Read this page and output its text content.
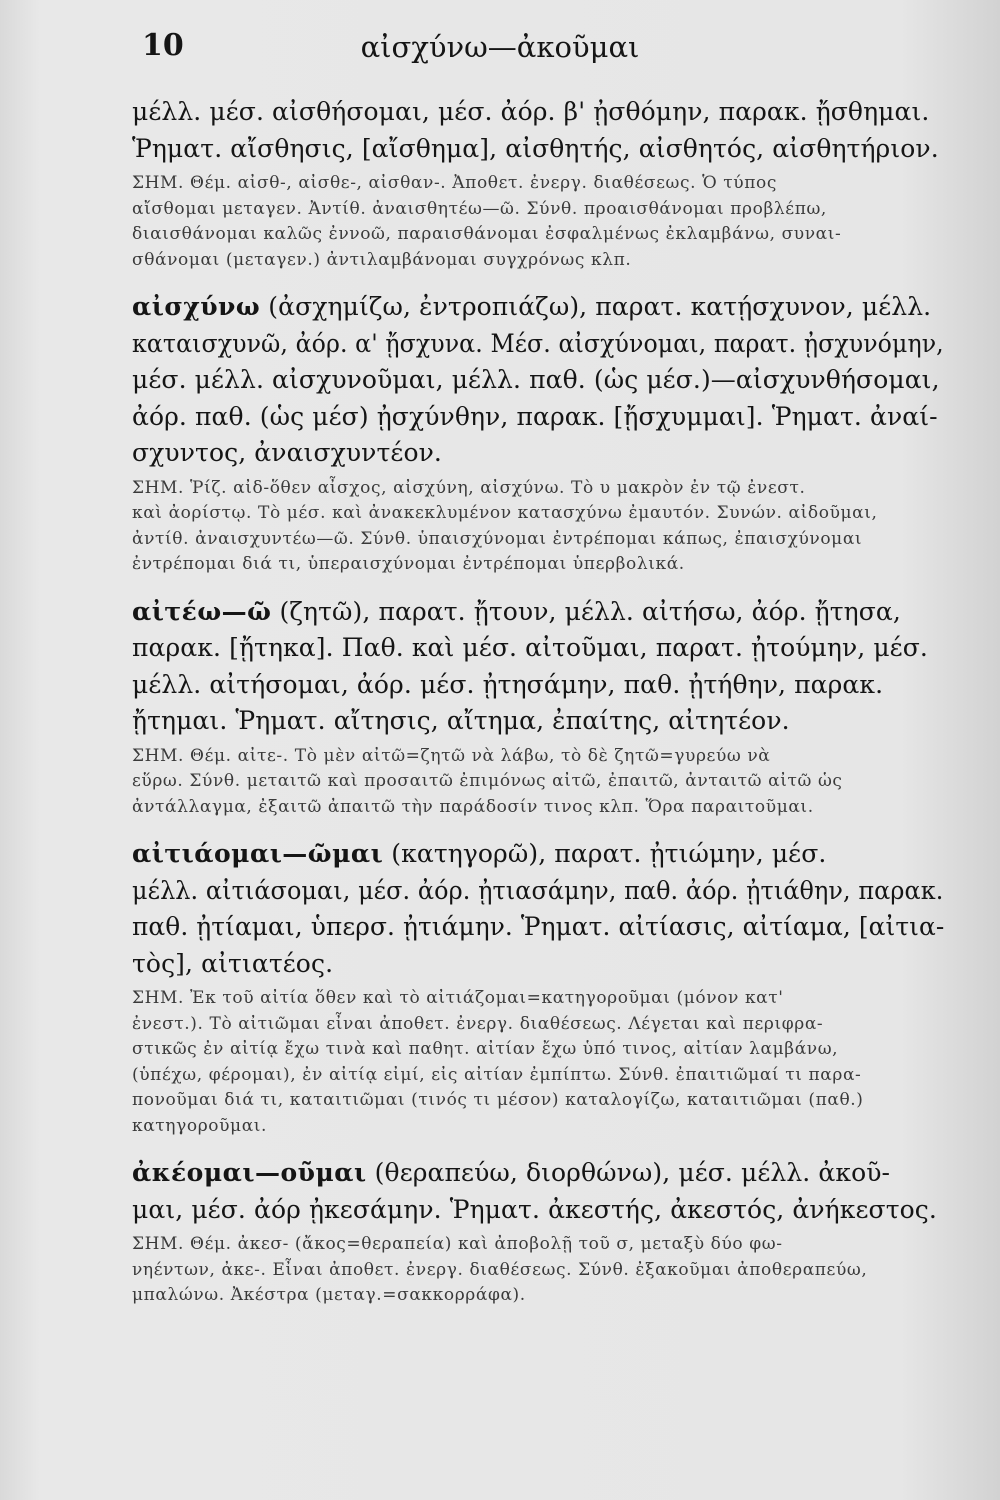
10	αἰσχύνω—ἀκοῦμαι
μέλλ. μέσ. αἰσθήσομαι, μέσ. ἀόρ. β' ᾐσθόμην, παρακ. ᾔσθημαι.
Ῥηματ. αἴσθησις, [αἴσθημα], αἰσθητής, αἰσθητός, αἰσθητήριον.
ΣΗΜ. Θέμ. αἰσθ-, αἰσθε-, αἰσθαν-. Ἀποθετ. ἐνεργ. διαθέσεως. Ὁ τύπος
αἴσθομαι μεταγεν. Ἀντίθ. ἀναισθητέω—ῶ. Σύνθ. προαισθάνομαι προβλέπω,
διαισθάνομαι καλῶς ἐννοῶ, παραισθάνομαι ἐσφαλμένως ἐκλαμβάνω, συναι-
σθάνομαι (μεταγεν.) ἀντιλαμβάνομαι συγχρόνως κλπ.
αἰσχύνω (ἀσχημίζω, ἐντροπιάζω), παρατ. κατῄσχυνον, μέλλ.
καταισχυνῶ, ἀόρ. α' ᾔσχυνα. Μέσ. αἰσχύνομαι, παρατ. ᾐσχυνόμην,
μέσ. μέλλ. αἰσχυνοῦμαι, μέλλ. παθ. (ὡς μέσ.)—αἰσχυνθήσομαι,
ἀόρ. παθ. (ὡς μέσ) ᾐσχύνθην, παρακ. [ᾔσχυμμαι]. Ῥηματ. ἀναί-
σχυντος, ἀναισχυντέον.
ΣΗΜ. Ῥίζ. αἰδ-ὅθεν αἶσχος, αἰσχύνη, αἰσχύνω. Τὸ υ μακρὸν ἐν τῷ ἐνεστ.
καὶ ἀορίστῳ. Τὸ μέσ. καὶ ἀνακεκλυμένον κατασχύνω ἐμαυτόν. Συνών. αἰδοῦμαι,
ἀντίθ. ἀναισχυντέω—ῶ. Σύνθ. ὑπαισχύνομαι ἐντρέπομαι κάπως, ἐπαισχύνομαι
ἐντρέπομαι διά τι, ὑπεραισχύνομαι ἐντρέπομαι ὑπερβολικά.
αἰτέω—ῶ (ζητῶ), παρατ. ᾔτουν, μέλλ. αἰτήσω, ἀόρ. ᾔτησα,
παρακ. [ᾔτηκα]. Παθ. καὶ μέσ. αἰτοῦμαι, παρατ. ᾐτούμην, μέσ.
μέλλ. αἰτήσομαι, ἀόρ. μέσ. ᾐτησάμην, παθ. ᾐτήθην, παρακ.
ᾔτημαι. Ῥηματ. αἴτησις, αἴτημα, ἐπαίτης, αἰτητέον.
ΣΗΜ. Θέμ. αἰτε-. Τὸ μὲν αἰτῶ=ζητῶ νὰ λάβω, τὸ δὲ ζητῶ=γυρεύω νὰ
εὕρω. Σύνθ. μεταιτῶ καὶ προσαιτῶ ἐπιμόνως αἰτῶ, ἐπαιτῶ, ἀνταιτῶ αἰτῶ ὡς
ἀντάλλαγμα, ἐξαιτῶ ἀπαιτῶ τὴν παράδοσίν τινος κλπ. Ὅρα παραιτοῦμαι.
αἰτιάομαι—ῶμαι (κατηγορῶ), παρατ. ᾐτιώμην, μέσ.
μέλλ. αἰτιάσομαι, μέσ. ἀόρ. ᾐτιασάμην, παθ. ἀόρ. ᾐτιάθην, παρακ.
παθ. ᾐτίαμαι, ὑπερσ. ᾐτιάμην. Ῥηματ. αἰτίασις, αἰτίαμα, [αἰτια-
τὸς], αἰτιατέος.
ΣΗΜ. Ἐκ τοῦ αἰτία ὅθεν καὶ τὸ αἰτιάζομαι=κατηγοροῦμαι (μόνον κατ'
ἐνεστ.). Τὸ αἰτιῶμαι εἶναι ἀποθετ. ἐνεργ. διαθέσεως. Λέγεται καὶ περιφρα-
στικῶς ἐν αἰτίᾳ ἔχω τινὰ καὶ παθητ. αἰτίαν ἔχω ὑπό τινος, αἰτίαν λαμβάνω,
(ὑπέχω, φέρομαι), ἐν αἰτίᾳ εἰμί, εἰς αἰτίαν ἐμπίπτω. Σύνθ. ἐπαιτιῶμαί τι παρα-
πονοῦμαι διά τι, καταιτιῶμαι (τινός τι μέσον) καταλογίζω, καταιτιῶμαι (παθ.)
κατηγοροῦμαι.
ἀκέομαι—οῦμαι (θεραπεύω, διορθώνω), μέσ. μέλλ. ἀκοῦ-
μαι, μέσ. ἀόρ ᾐκεσάμην. Ῥηματ. ἀκεστής, ἀκεστός, ἀνήκεστος.
ΣΗΜ. Θέμ. ἀκεσ- (ἄκος=θεραπεία) καὶ ἀποβολῇ τοῦ σ, μεταξὺ δύο φω-
νηέντων, ἀκε-. Εἶναι ἀποθετ. ἐνεργ. διαθέσεως. Σύνθ. ἐξακοῦμαι ἀποθεραπεύω,
μπαλώνω. Ἀκέστρα (μεταγ.=σακκορράφα).
